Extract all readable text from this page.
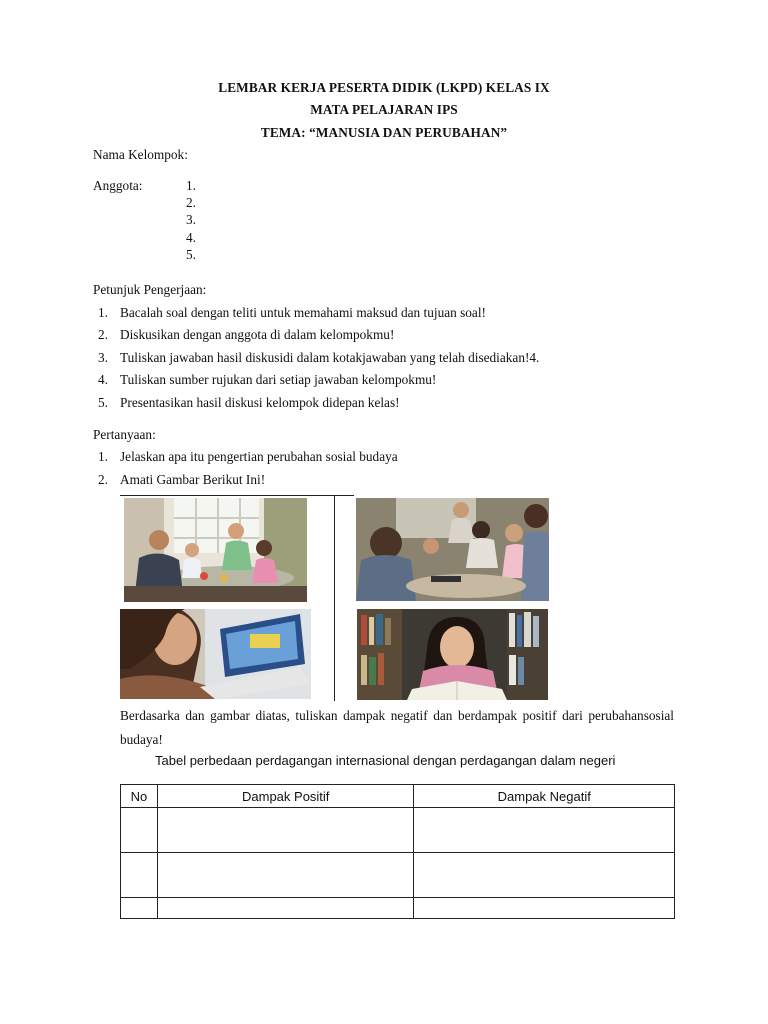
LEMBAR KERJA PESERTA DIDIK (LKPD) KELAS IX
MATA PELAJARAN IPS
TEMA: “MANUSIA DAN PERUBAHAN”
Nama Kelompok:
Anggota:	1.
2.
3.
4.
5.
Petunjuk Pengerjaan:
1. Bacalah soal dengan teliti untuk memahami maksud dan tujuan soal!
2. Diskusikan dengan anggota di dalam kelompokmu!
3. Tuliskan jawaban hasil diskusidi dalam kotakjawaban yang telah disediakan!4.
4. Tuliskan sumber rujukan dari setiap jawaban kelompokmu!
5. Presentasikan hasil diskusi kelompok didepan kelas!
Pertanyaan:
1. Jelaskan apa itu pengertian perubahan sosial budaya
2. Amati Gambar Berikut Ini!
Berdasarka dan gambar diatas, tuliskan dampak negatif dan berdampak positif dari perubahansosial budaya!
Tabel perbedaan perdagangan internasional dengan perdagangan dalam negeri
No	Dampak Positif	Dampak Negatif
